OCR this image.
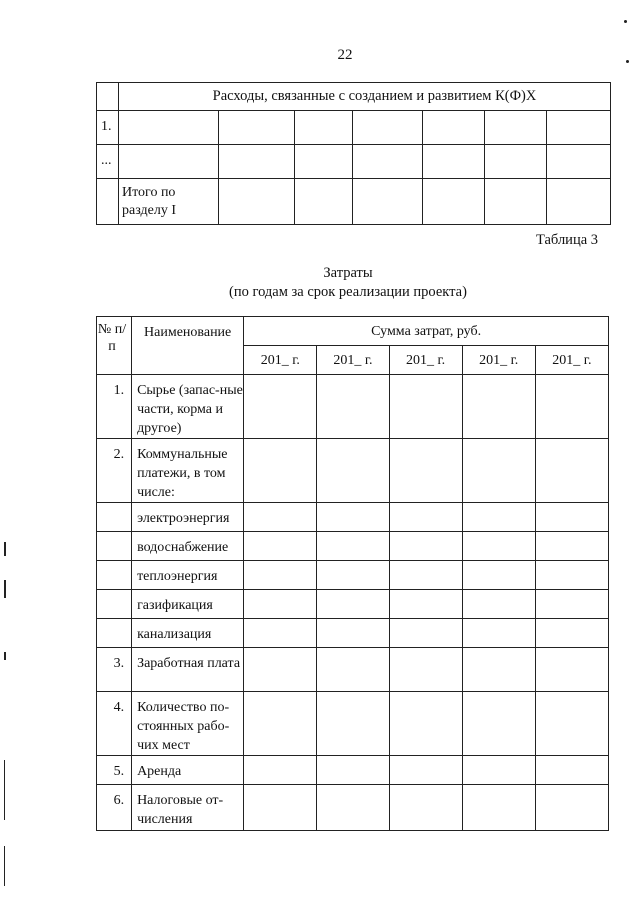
22
	Расходы, связанные с созданием и развитием К(Ф)Х						
1.							
...							
	Итого по разделу I						
Таблица 3
Затраты
(по годам за срок реализации проекта)
№ п/п	Наименование	Сумма затрат, руб.				
		201_ г.	201_ г.	201_ г.	201_ г.	201_ г.
1.	Сырье (запас-ные части, корма и другое)					
2.	Коммунальные платежи, в том числе:					
	электроэнергия					
	водоснабжение					
	теплоэнергия					
	газификация					
	канализация					
3.	Заработная плата					
4.	Количество по-стоянных рабо-чих мест					
5.	Аренда					
6.	Налоговые от-числения					
